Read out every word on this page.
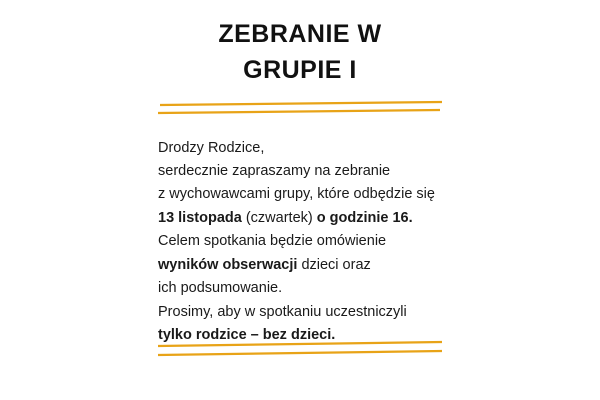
ZEBRANIE W
GRUPIE I
Drodzy Rodzice,
serdecznie zapraszamy na zebranie
z wychowawcami grupy, które odbędzie się
13 listopada (czwartek) o godzinie 16.
Celem spotkania będzie omówienie
wyników obserwacji dzieci oraz
ich podsumowanie.
Prosimy, aby w spotkaniu uczestniczyli
tylko rodzice – bez dzieci.
